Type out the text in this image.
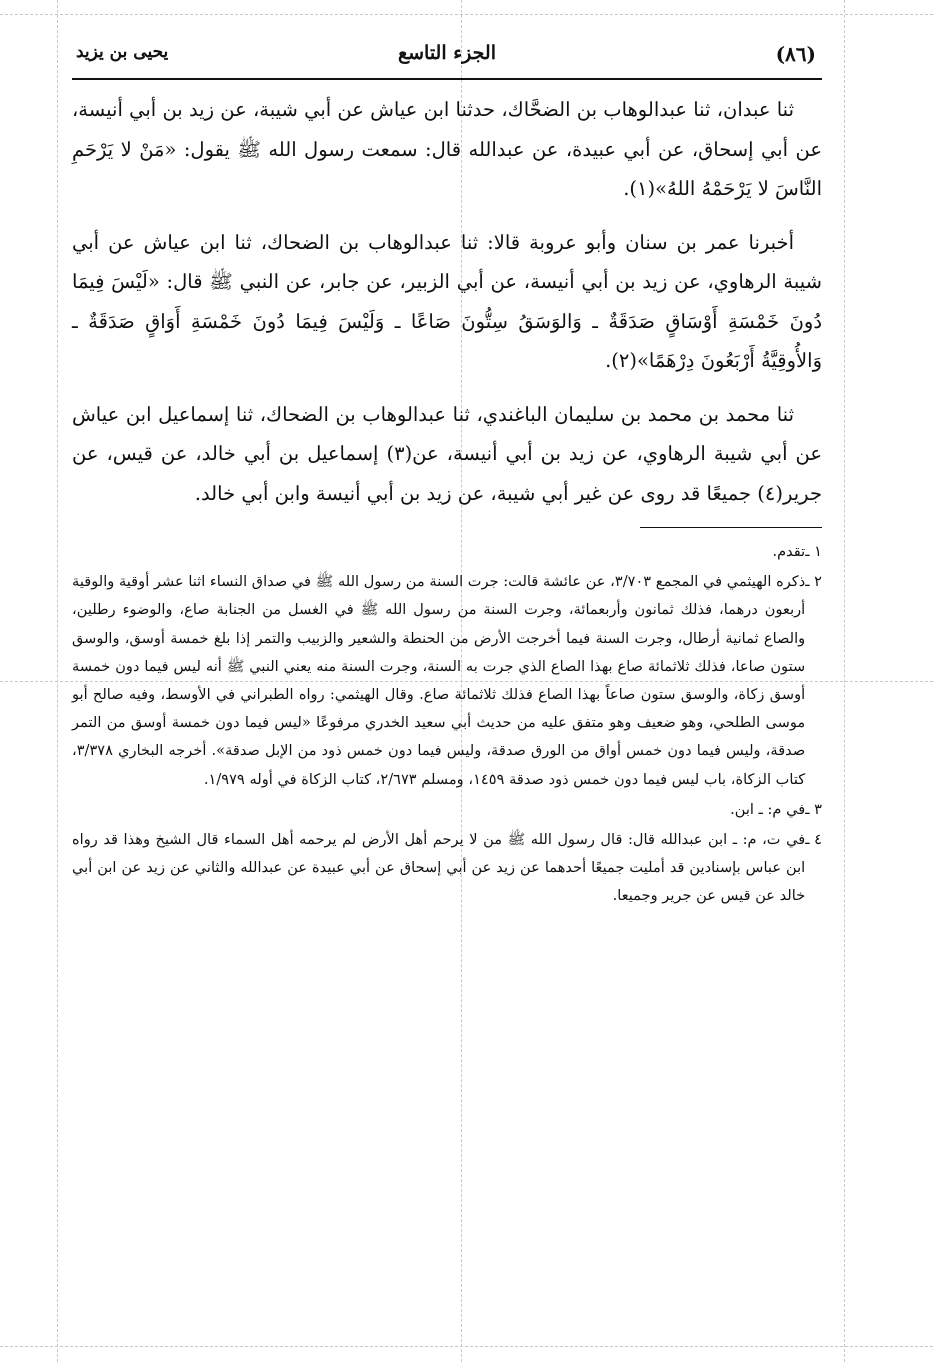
(٨٦)
الجزء التاسع
يحيى بن يزيد

ثنا عبدان، ثنا عبدالوهاب بن الضحَّاك، حدثنا ابن عياش عن أبي شيبة، عن زيد بن أبي أنيسة، عن أبي إسحاق، عن أبي عبيدة، عن عبدالله قال: سمعت رسول الله ﷺ يقول: «مَنْ لا يَرْحَمِ النَّاسَ لا يَرْحَمْهُ اللهُ»(١).

أخبرنا عمر بن سنان وأبو عروبة قالا: ثنا عبدالوهاب بن الضحاك، ثنا ابن عياش عن أبي شيبة الرهاوي، عن زيد بن أبي أنيسة، عن أبي الزبير، عن جابر، عن النبي ﷺ قال: «لَيْسَ فِيمَا دُونَ خَمْسَةِ أَوْسَاقٍ صَدَقَةٌ ـ وَالوَسَقُ سِتُّونَ صَاعًا ـ وَلَيْسَ فِيمَا دُونَ خَمْسَةِ أَوَاقٍ صَدَقَةٌ ـ وَالأُوقِيَّةُ أَرْبَعُونَ دِرْهَمًا»(٢).

ثنا محمد بن محمد بن سليمان الباغندي، ثنا عبدالوهاب بن الضحاك، ثنا إسماعيل ابن عياش عن أبي شيبة الرهاوي، عن زيد بن أبي أنيسة، عن(٣) إسماعيل بن أبي خالد، عن قيس، عن جرير(٤) جميعًا قد روى عن غير أبي شيبة، عن زيد بن أبي أنيسة وابن أبي خالد.

١ ـ
تقدم.
٢ ـ
ذكره الهيثمي في المجمع ٣/٧٠٣، عن عائشة قالت: جرت السنة من رسول الله ﷺ في صداق النساء اثنا عشر أوقية والوقية أربعون درهما، فذلك ثمانون وأربعمائة، وجرت السنة من رسول الله ﷺ في الغسل من الجنابة صاع، والوضوء رطلين، والصاع ثمانية أرطال، وجرت السنة فيما أخرجت الأرض من الحنطة والشعير والزبيب والتمر إذا بلغ خمسة أوسق، والوسق ستون صاعا، فذلك ثلاثمائة صاع بهذا الصاع الذي جرت به السنة، وجرت السنة منه يعني النبي ﷺ أنه ليس فيما دون خمسة أوسق زكاة، والوسق ستون صاعاً بهذا الصاع فذلك ثلاثمائة صاع. وقال الهيثمي: رواه الطبراني في الأوسط، وفيه صالح أبو موسى الطلحي، وهو ضعيف وهو متفق عليه من حديث أبي سعيد الخدري مرفوعًا «ليس فيما دون خمسة أوسق من التمر صدقة، وليس فيما دون خمس أواق من الورق صدقة، وليس فيما دون خمس ذود من الإبل صدقة». أخرجه البخاري ٣/٣٧٨، كتاب الزكاة، باب ليس فيما دون خمس ذود صدقة ١٤٥٩، ومسلم ٢/٦٧٣، كتاب الزكاة في أوله ١/٩٧٩.
٣ ـ
في م: ـ ابن.
٤ ـ
في ت، م: ـ ابن عبدالله قال: قال رسول الله ﷺ من لا يرحم أهل الأرض لم يرحمه أهل السماء قال الشيخ وهذا قد رواه ابن عباس بإسنادين قد أمليت جميعًا أحدهما عن زيد عن أبي إسحاق عن أبي عبيدة عن عبدالله والثاني عن زيد عن ابن أبي خالد عن قيس عن جرير وجميعا.
